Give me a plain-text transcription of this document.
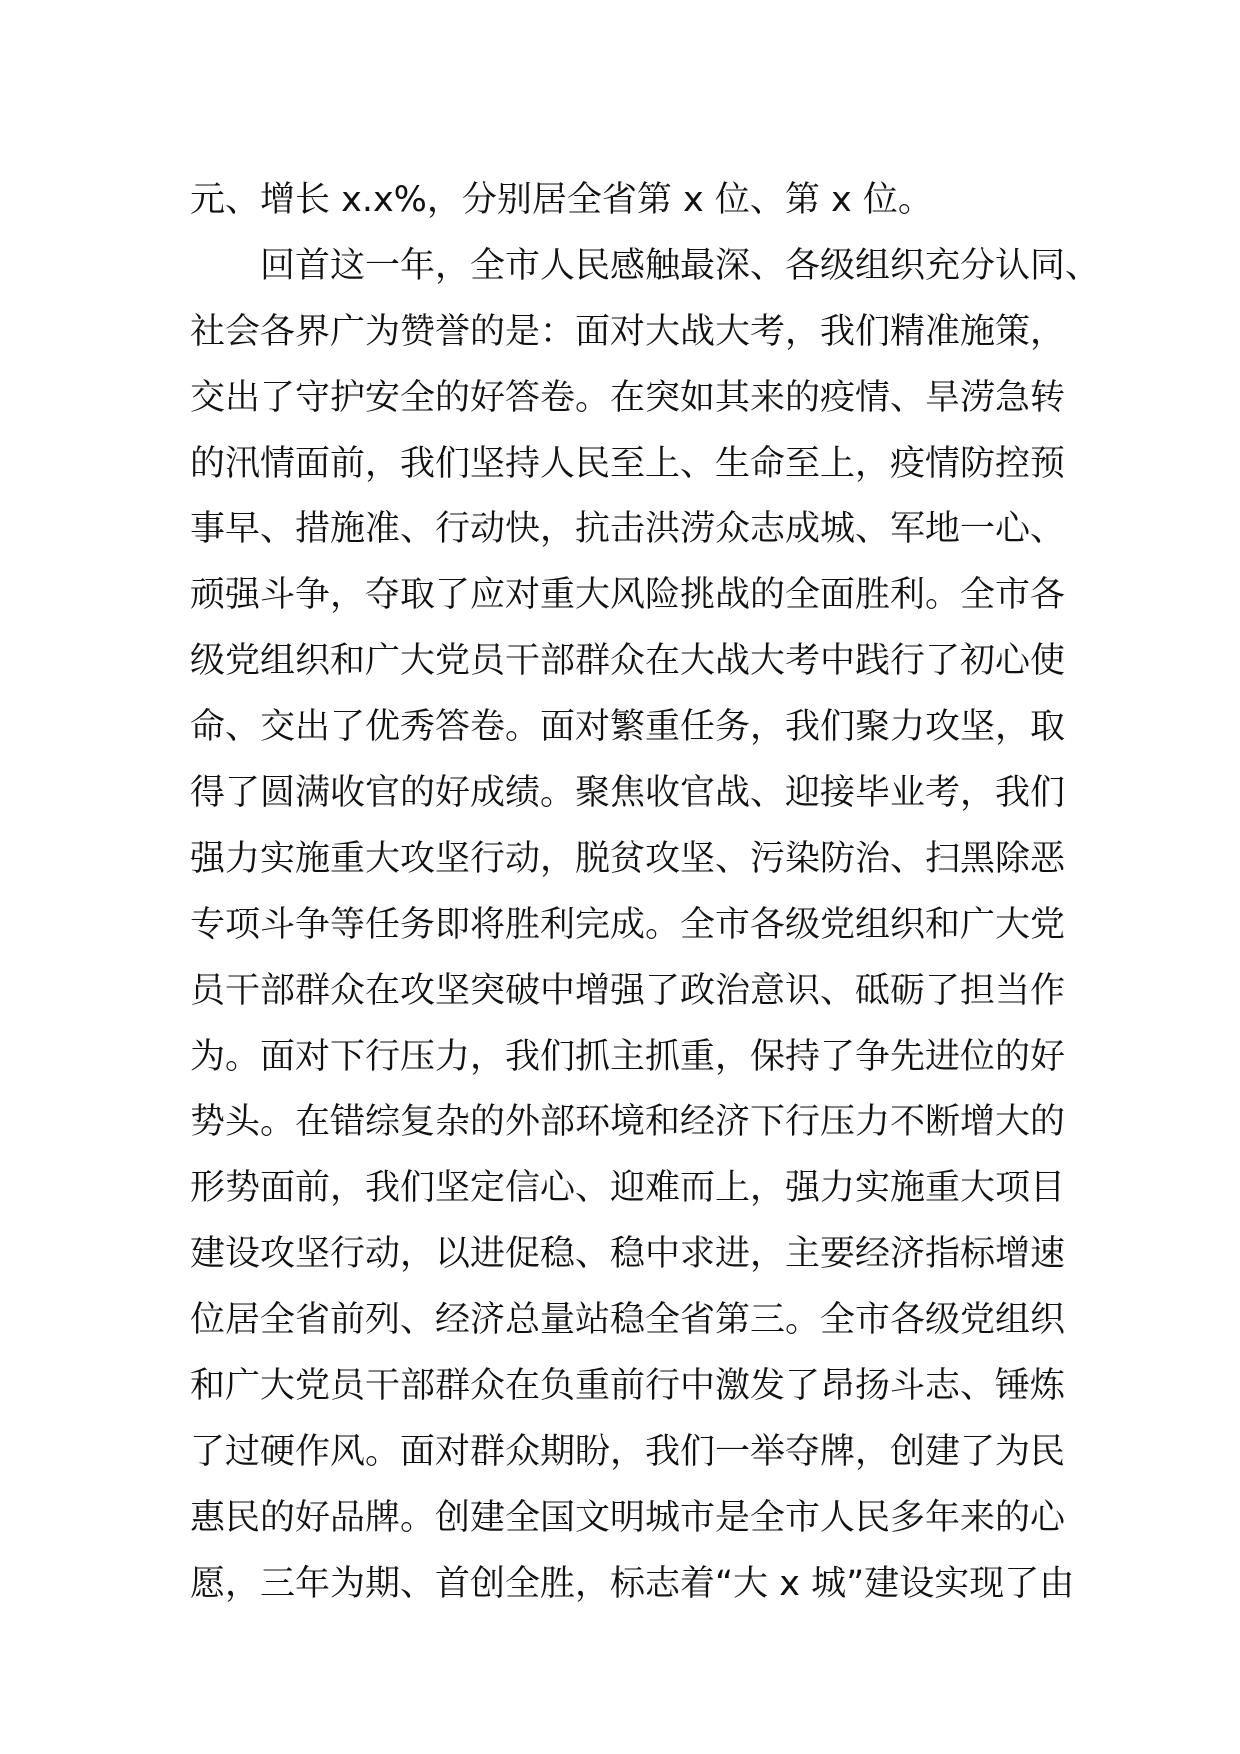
元、增长 x.x%，分别居全省第 x 位、第 x 位。
　　回首这一年，全市人民感触最深、各级组织充分认同、
社会各界广为赞誉的是：面对大战大考，我们精准施策，
交出了守护安全的好答卷。在突如其来的疫情、旱涝急转
的汛情面前，我们坚持人民至上、生命至上，疫情防控预
事早、措施准、行动快，抗击洪涝众志成城、军地一心、
顽强斗争，夺取了应对重大风险挑战的全面胜利。全市各
级党组织和广大党员干部群众在大战大考中践行了初心使
命、交出了优秀答卷。面对繁重任务，我们聚力攻坚，取
得了圆满收官的好成绩。聚焦收官战、迎接毕业考，我们
强力实施重大攻坚行动，脱贫攻坚、污染防治、扫黑除恶
专项斗争等任务即将胜利完成。全市各级党组织和广大党
员干部群众在攻坚突破中增强了政治意识、砥砺了担当作
为。面对下行压力，我们抓主抓重，保持了争先进位的好
势头。在错综复杂的外部环境和经济下行压力不断增大的
形势面前，我们坚定信心、迎难而上，强力实施重大项目
建设攻坚行动，以进促稳、稳中求进，主要经济指标增速
位居全省前列、经济总量站稳全省第三。全市各级党组织
和广大党员干部群众在负重前行中激发了昂扬斗志、锤炼
了过硬作风。面对群众期盼，我们一举夺牌，创建了为民
惠民的好品牌。创建全国文明城市是全市人民多年来的心
愿，三年为期、首创全胜，标志着“大 x 城”建设实现了由
